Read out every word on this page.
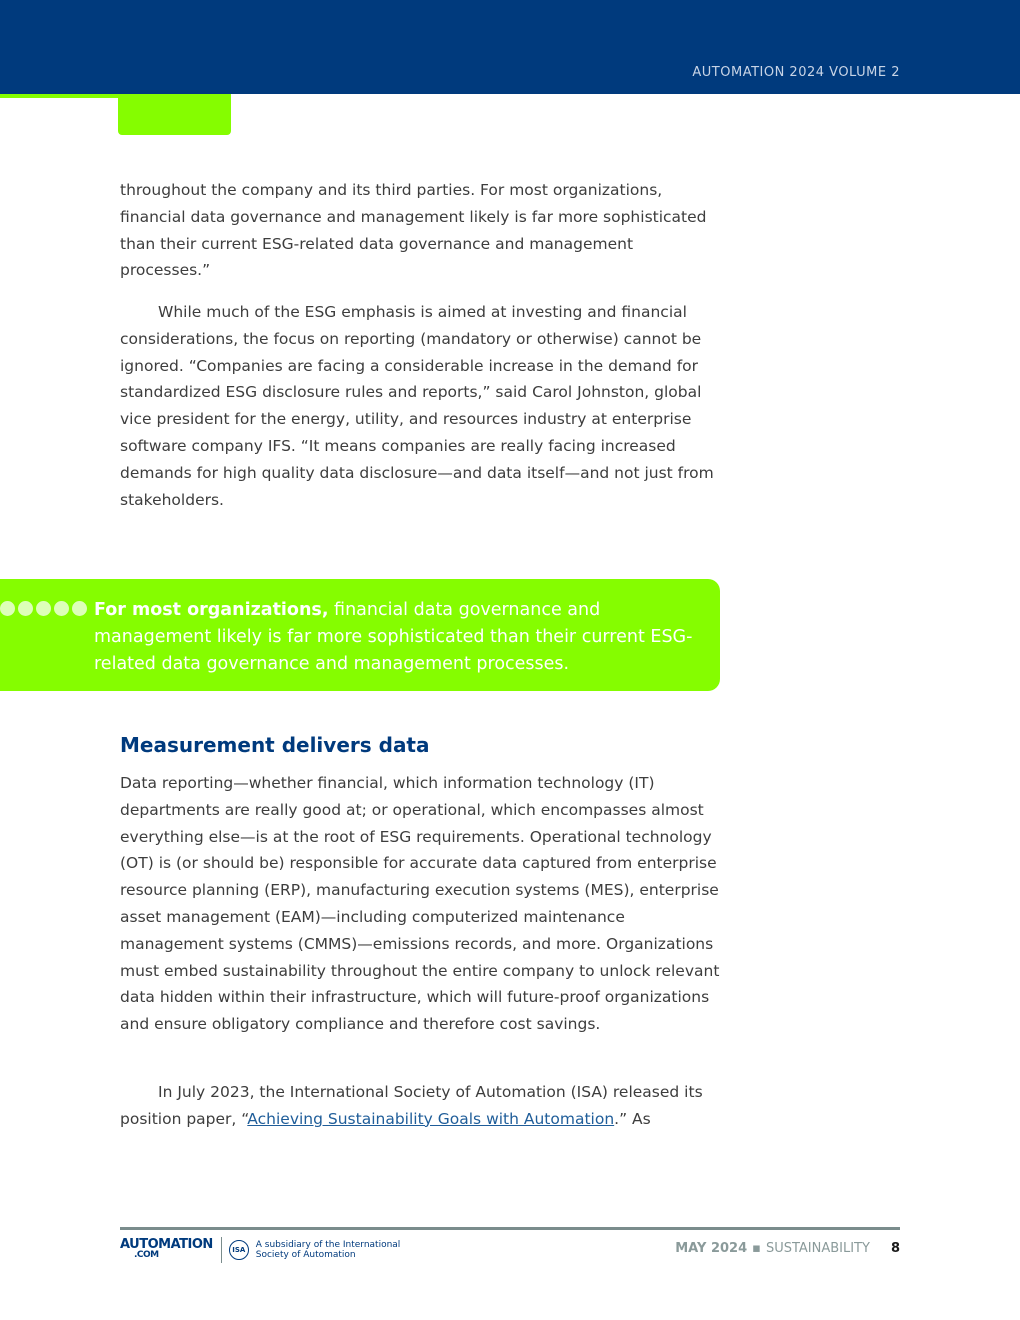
AUTOMATION 2024 VOLUME 2

throughout the company and its third parties. For most organizations, financial data governance and management likely is far more sophisticated than their current ESG-related data governance and management processes.”

While much of the ESG emphasis is aimed at investing and financial considerations, the focus on reporting (mandatory or otherwise) cannot be ignored. “Companies are facing a considerable increase in the demand for standardized ESG disclosure rules and reports,” said Carol Johnston, global vice president for the energy, utility, and resources industry at enterprise software company IFS. “It means companies are really facing increased demands for high quality data disclosure—and data itself—and not just from stakeholders.

For most organizations, financial data governance and management likely is far more sophisticated than their current ESG-related data governance and management processes.
Measurement delivers data

Data reporting—whether financial, which information technology (IT) departments are really good at; or operational, which encompasses almost everything else—is at the root of ESG requirements. Operational technology (OT) is (or should be) responsible for accurate data captured from enterprise resource planning (ERP), manufacturing execution systems (MES), enterprise asset management (EAM)—including computerized maintenance management systems (CMMS)—emissions records, and more. Organizations must embed sustainability throughout the entire company to unlock relevant data hidden within their infrastructure, which will future-proof organizations and ensure obligatory compliance and therefore cost savings.

In July 2023, the International Society of Automation (ISA) released its position paper, “Achieving Sustainability Goals with Automation.” As

AUTOMATION
.COM	ISA	A subsidiary of the International Society of Automation	MAY 2024 ▪ SUSTAINABILITY 8
